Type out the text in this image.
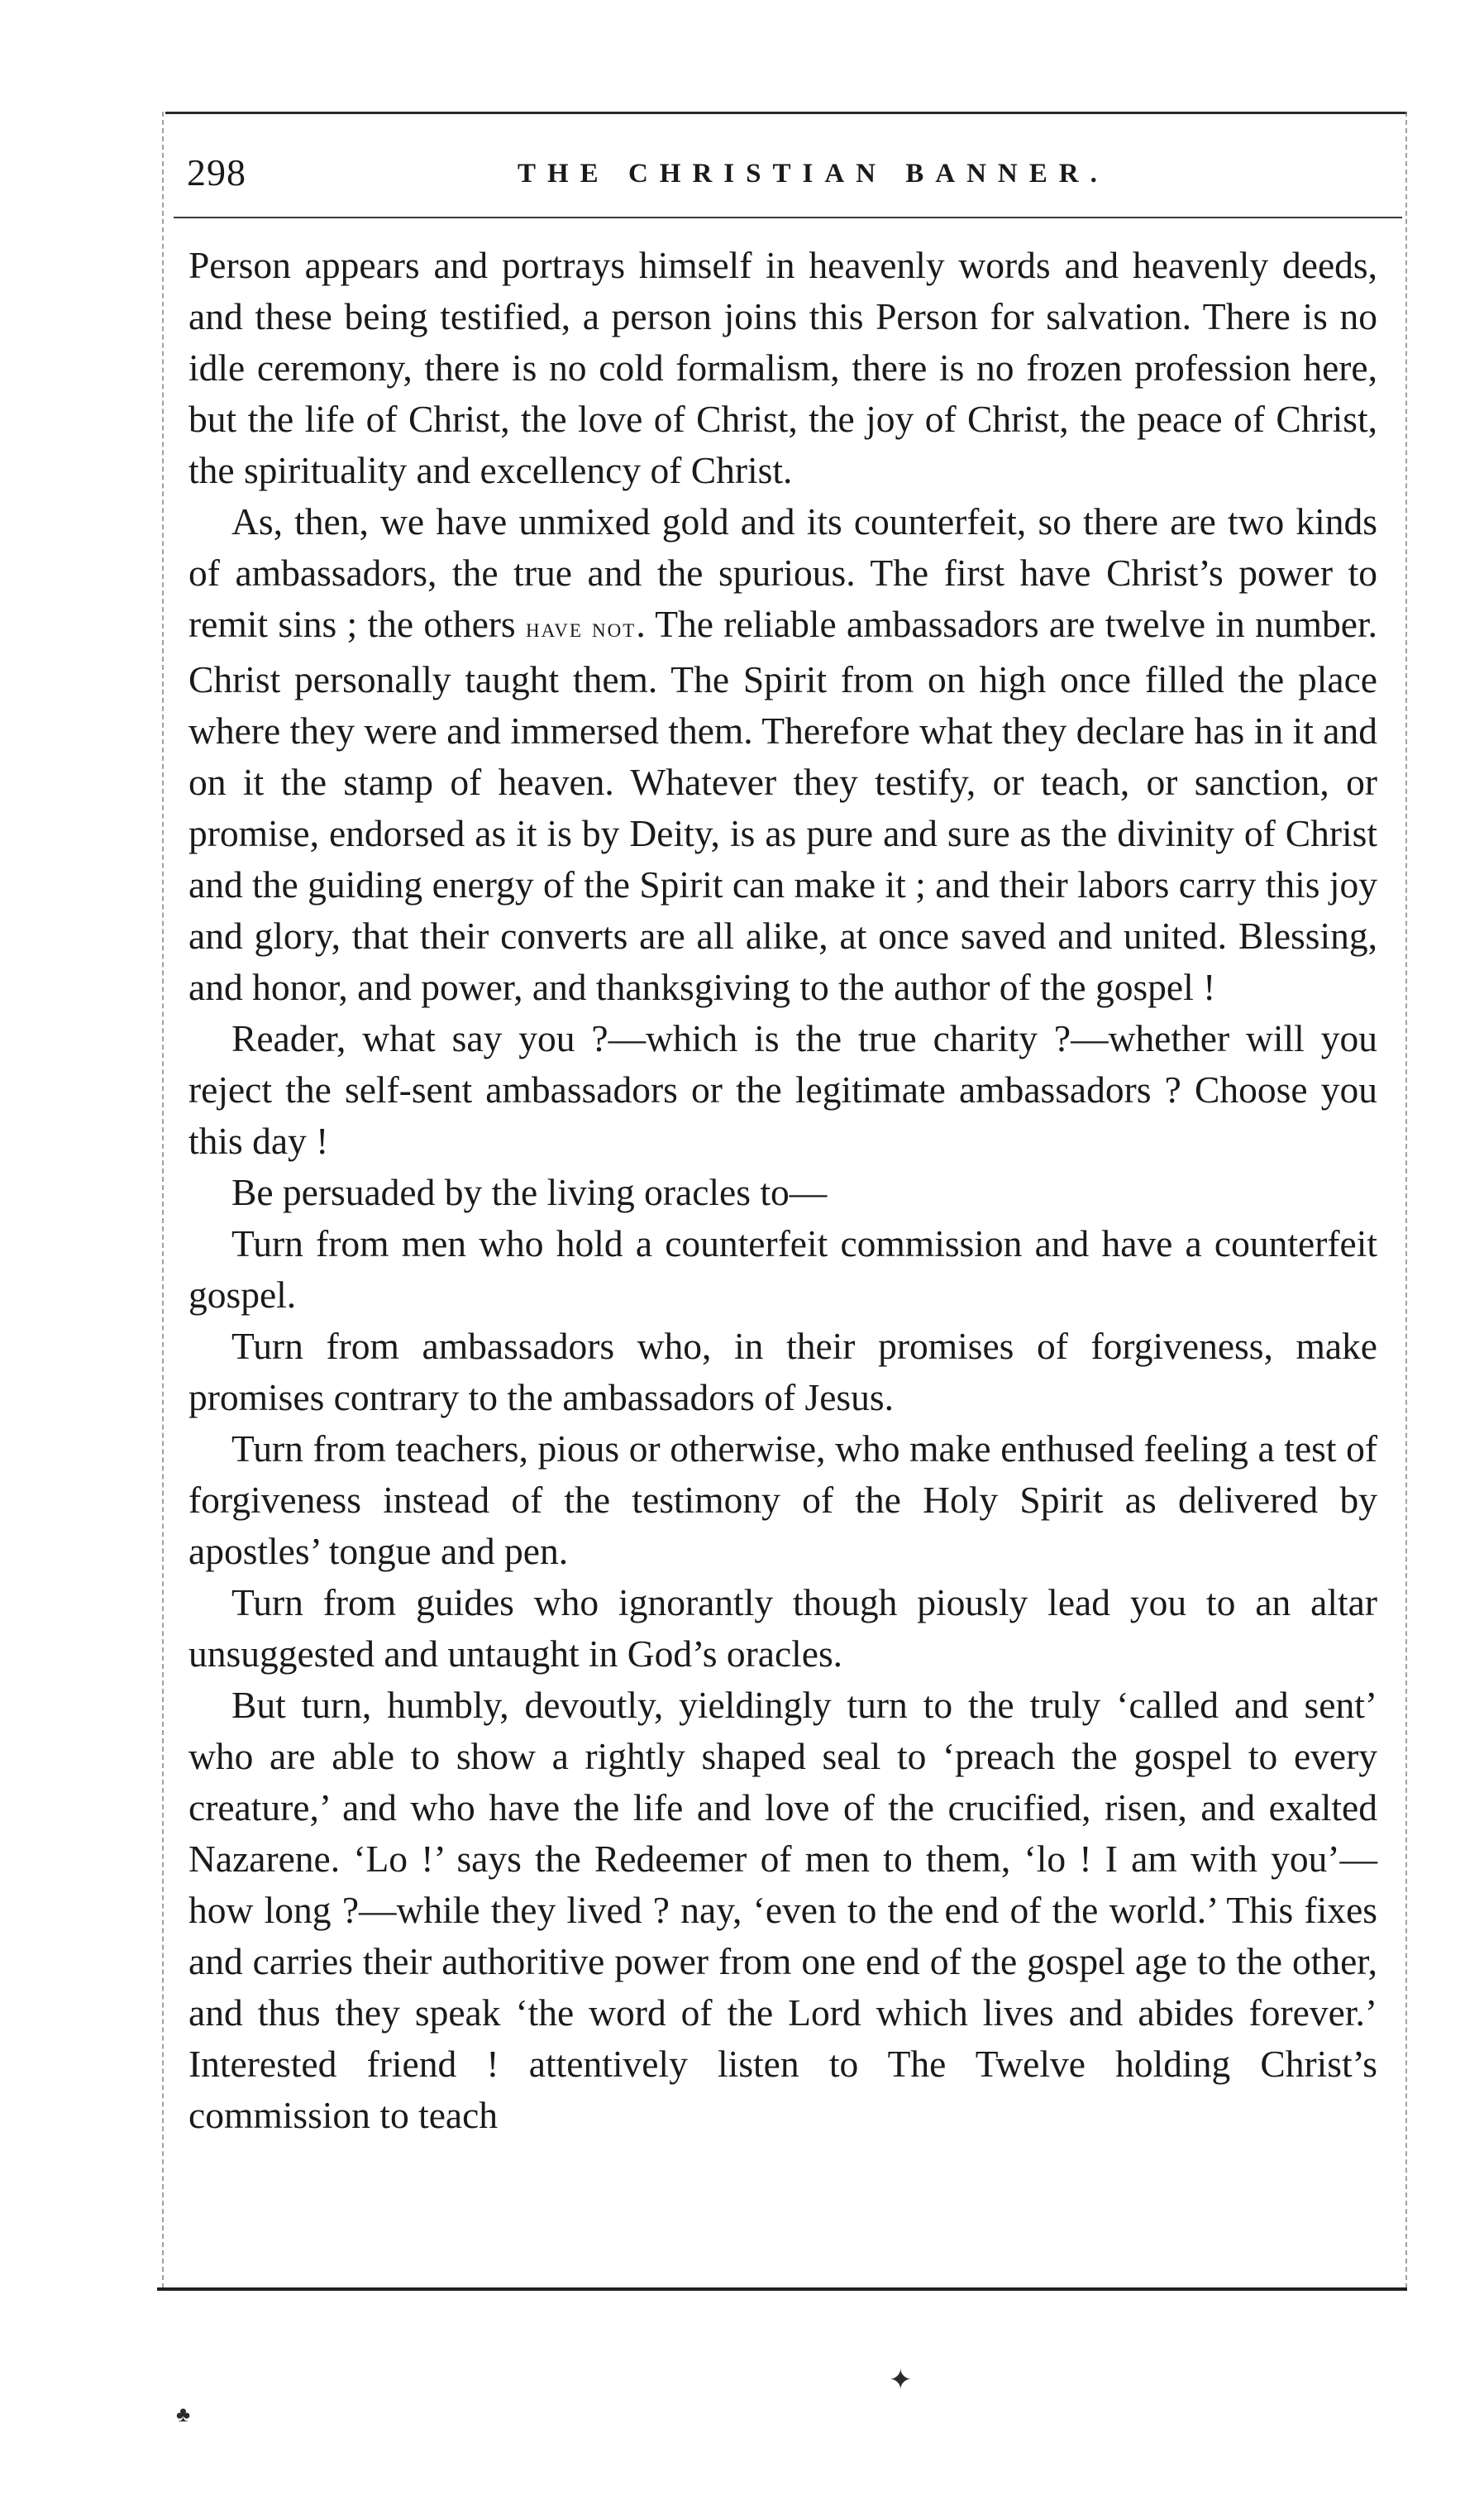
298	THE CHRISTIAN BANNER.

Person appears and portrays himself in heavenly words and heavenly deeds, and these being testified, a person joins this Person for salvation. There is no idle ceremony, there is no cold formalism, there is no frozen profession here, but the life of Christ, the love of Christ, the joy of Christ, the peace of Christ, the spirituality and excellency of Christ.

As, then, we have unmixed gold and its counterfeit, so there are two kinds of ambassadors, the true and the spurious. The first have Christ’s power to remit sins ; the others have not. The reliable ambassadors are twelve in number. Christ personally taught them. The Spirit from on high once filled the place where they were and immersed them. Therefore what they declare has in it and on it the stamp of heaven. Whatever they testify, or teach, or sanction, or promise, endorsed as it is by Deity, is as pure and sure as the divinity of Christ and the guiding energy of the Spirit can make it ; and their labors carry this joy and glory, that their converts are all alike, at once saved and united. Blessing, and honor, and power, and thanksgiving to the author of the gospel !

Reader, what say you ?—which is the true charity ?—whether will you reject the self-sent ambassadors or the legitimate ambassadors ? Choose you this day !

Be persuaded by the living oracles to—

Turn from men who hold a counterfeit commission and have a counterfeit gospel.

Turn from ambassadors who, in their promises of forgiveness, make promises contrary to the ambassadors of Jesus.

Turn from teachers, pious or otherwise, who make enthused feeling a test of forgiveness instead of the testimony of the Holy Spirit as delivered by apostles’ tongue and pen.

Turn from guides who ignorantly though piously lead you to an altar unsuggested and untaught in God’s oracles.

But turn, humbly, devoutly, yieldingly turn to the truly ‘called and sent’ who are able to show a rightly shaped seal to ‘preach the gospel to every creature,’ and who have the life and love of the crucified, risen, and exalted Nazarene. ‘Lo !’ says the Redeemer of men to them, ‘lo ! I am with you’—how long ?—while they lived ? nay, ‘even to the end of the world.’ This fixes and carries their authoritive power from one end of the gospel age to the other, and thus they speak ‘the word of the Lord which lives and abides forever.’ Interested friend ! attentively listen to The Twelve holding Christ’s commission to teach

✦
♣
